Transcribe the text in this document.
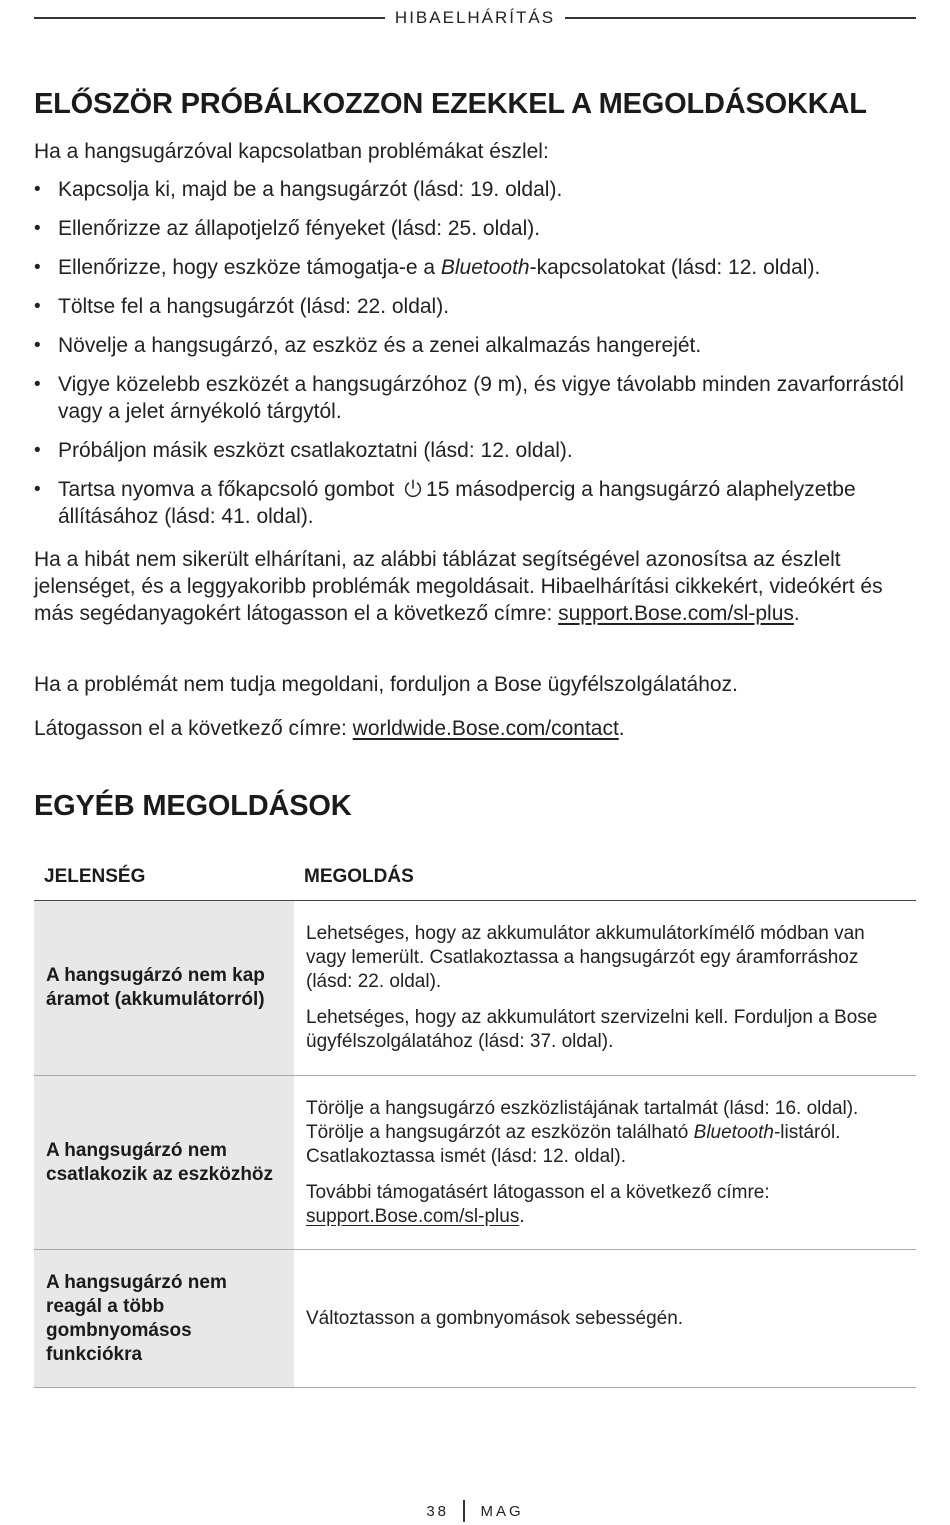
HIBAELHÁRÍTÁS
ELŐSZÖR PRÓBÁLKOZZON EZEKKEL A MEGOLDÁSOKKAL
Ha a hangsugárzóval kapcsolatban problémákat észlel:
• Kapcsolja ki, majd be a hangsugárzót (lásd: 19. oldal).
• Ellenőrizze az állapotjelző fényeket (lásd: 25. oldal).
• Ellenőrizze, hogy eszköze támogatja-e a Bluetooth-kapcsolatokat (lásd: 12. oldal).
• Töltse fel a hangsugárzót (lásd: 22. oldal).
• Növelje a hangsugárzó, az eszköz és a zenei alkalmazás hangerejét.
• Vigye közelebb eszközét a hangsugárzóhoz (9 m), és vigye távolabb minden zavarforrástól vagy a jelet árnyékoló tárgytól.
• Próbáljon másik eszközt csatlakoztatni (lásd: 12. oldal).
• Tartsa nyomva a főkapcsoló gombot 15 másodpercig a hangsugárzó alaphelyzetbe állításához (lásd: 41. oldal).

Ha a hibát nem sikerült elhárítani, az alábbi táblázat segítségével azonosítsa az észlelt jelenséget, és a leggyakoribb problémák megoldásait. Hibaelhárítási cikkekért, videókért és más segédanyagokért látogasson el a következő címre: support.Bose.com/sl-plus.

Ha a problémát nem tudja megoldani, forduljon a Bose ügyfélszolgálatához.

Látogasson el a következő címre: worldwide.Bose.com/contact.

EGYÉB MEGOLDÁSOK
JELENSÉG	MEGOLDÁS
A hangsugárzó nem kap áramot (akkumulátorról)

Lehetséges, hogy az akkumulátor akkumulátorkímélő módban van vagy lemerült. Csatlakoztassa a hangsugárzót egy áramforráshoz (lásd: 22. oldal).

Lehetséges, hogy az akkumulátort szervizelni kell. Forduljon a Bose ügyfélszolgálatához (lásd: 37. oldal).

A hangsugárzó nem csatlakozik az eszközhöz

Törölje a hangsugárzó eszközlistájának tartalmát (lásd: 16. oldal). Törölje a hangsugárzót az eszközön található Bluetooth-listáról. Csatlakoztassa ismét (lásd: 12. oldal).

További támogatásért látogasson el a következő címre: support.Bose.com/sl-plus.

A hangsugárzó nem reagál a több gombnyomásos funkciókra

Változtasson a gombnyomások sebességén.

38 MAG
